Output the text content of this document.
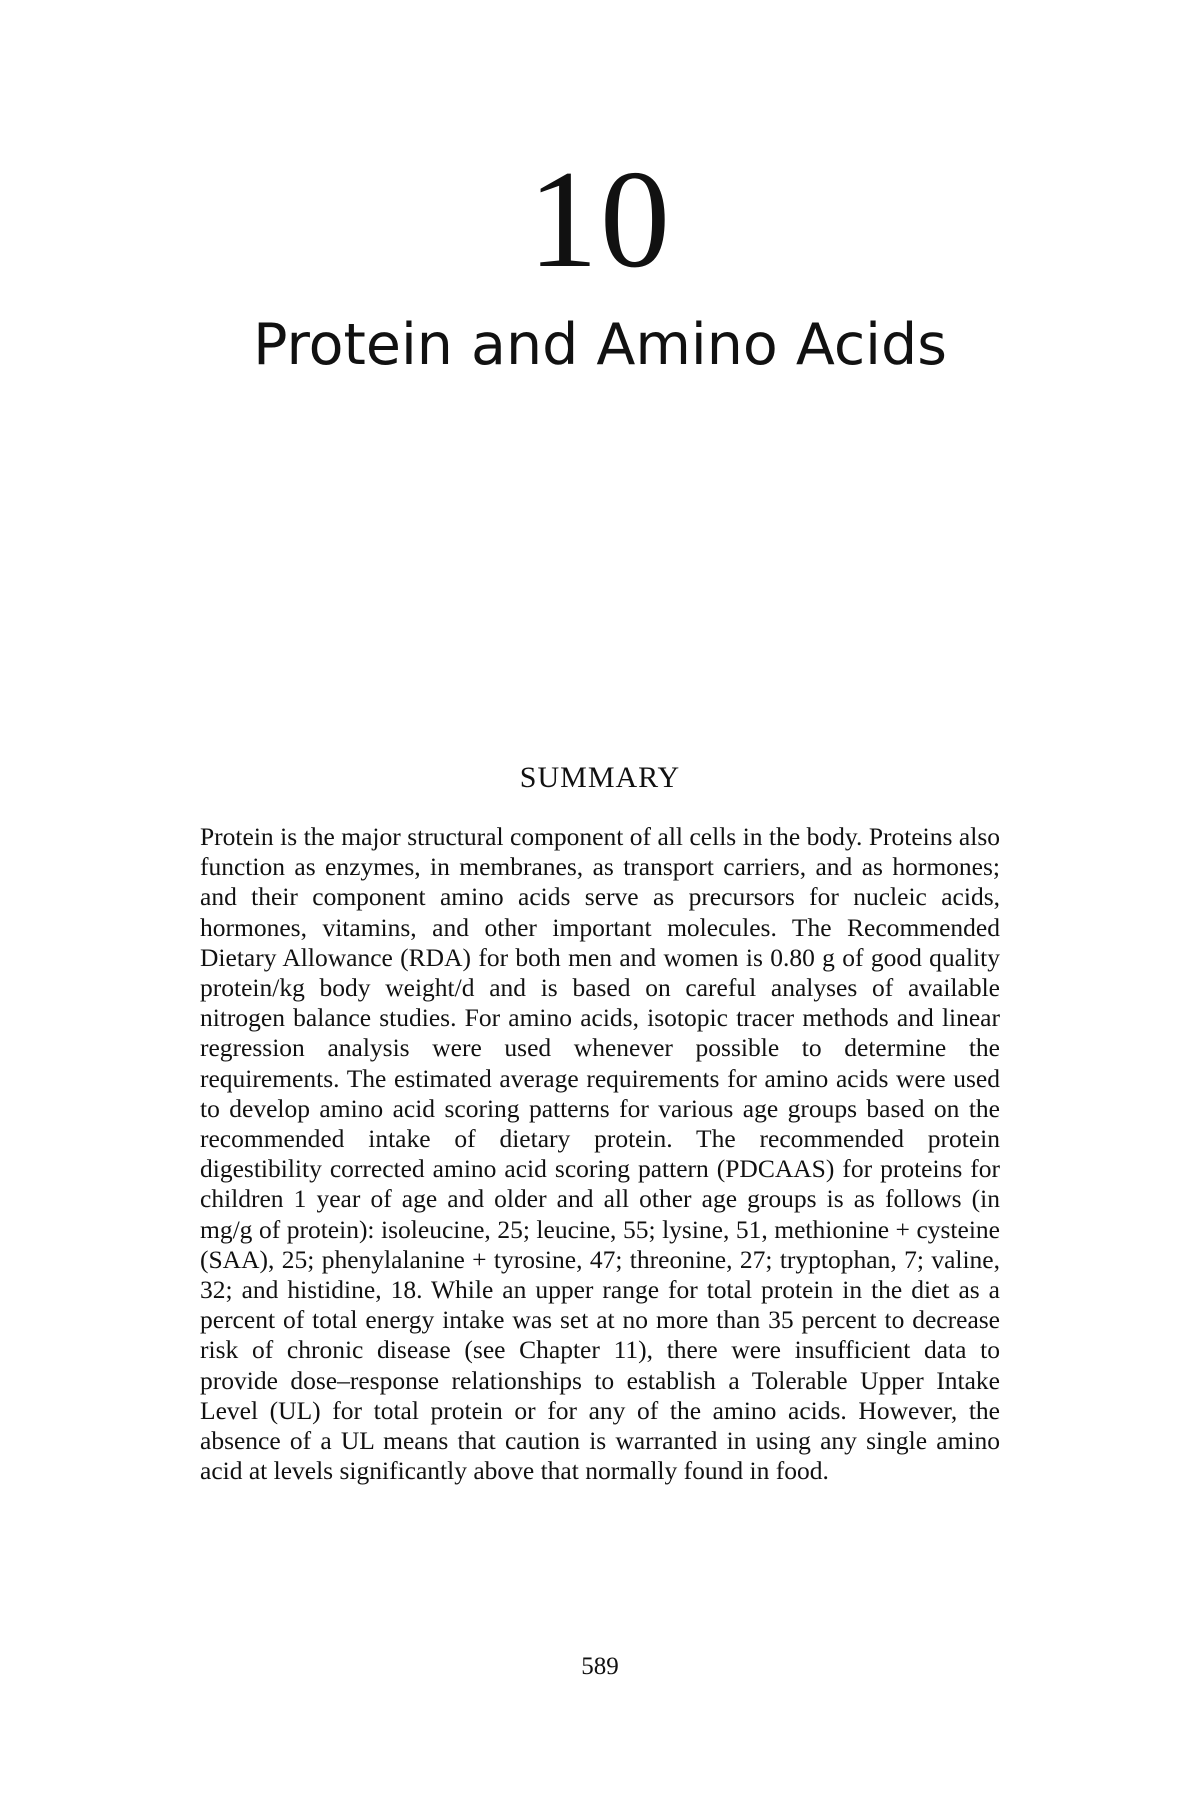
10
Protein and Amino Acids
SUMMARY

Protein is the major structural component of all cells in the body. Proteins also function as enzymes, in membranes, as transport carriers, and as hormones; and their component amino acids serve as precursors for nucleic acids, hormones, vitamins, and other important molecules. The Recommended Dietary Allowance (RDA) for both men and women is 0.80 g of good quality protein/kg body weight/d and is based on careful analyses of available nitrogen balance studies. For amino acids, isotopic tracer methods and linear regression analysis were used whenever possible to determine the requirements. The estimated average requirements for amino acids were used to develop amino acid scoring patterns for various age groups based on the recommended intake of dietary protein. The recommended protein digestibility corrected amino acid scoring pattern (PDCAAS) for proteins for children 1 year of age and older and all other age groups is as follows (in mg/g of protein): isoleucine, 25; leucine, 55; lysine, 51, methionine + cysteine (SAA), 25; phenylalanine + tyrosine, 47; threonine, 27; tryptophan, 7; valine, 32; and histidine, 18. While an upper range for total protein in the diet as a percent of total energy intake was set at no more than 35 percent to decrease risk of chronic disease (see Chapter 11), there were insufficient data to provide dose–response relationships to establish a Tolerable Upper Intake Level (UL) for total protein or for any of the amino acids. However, the absence of a UL means that caution is warranted in using any single amino acid at levels significantly above that normally found in food.

589
